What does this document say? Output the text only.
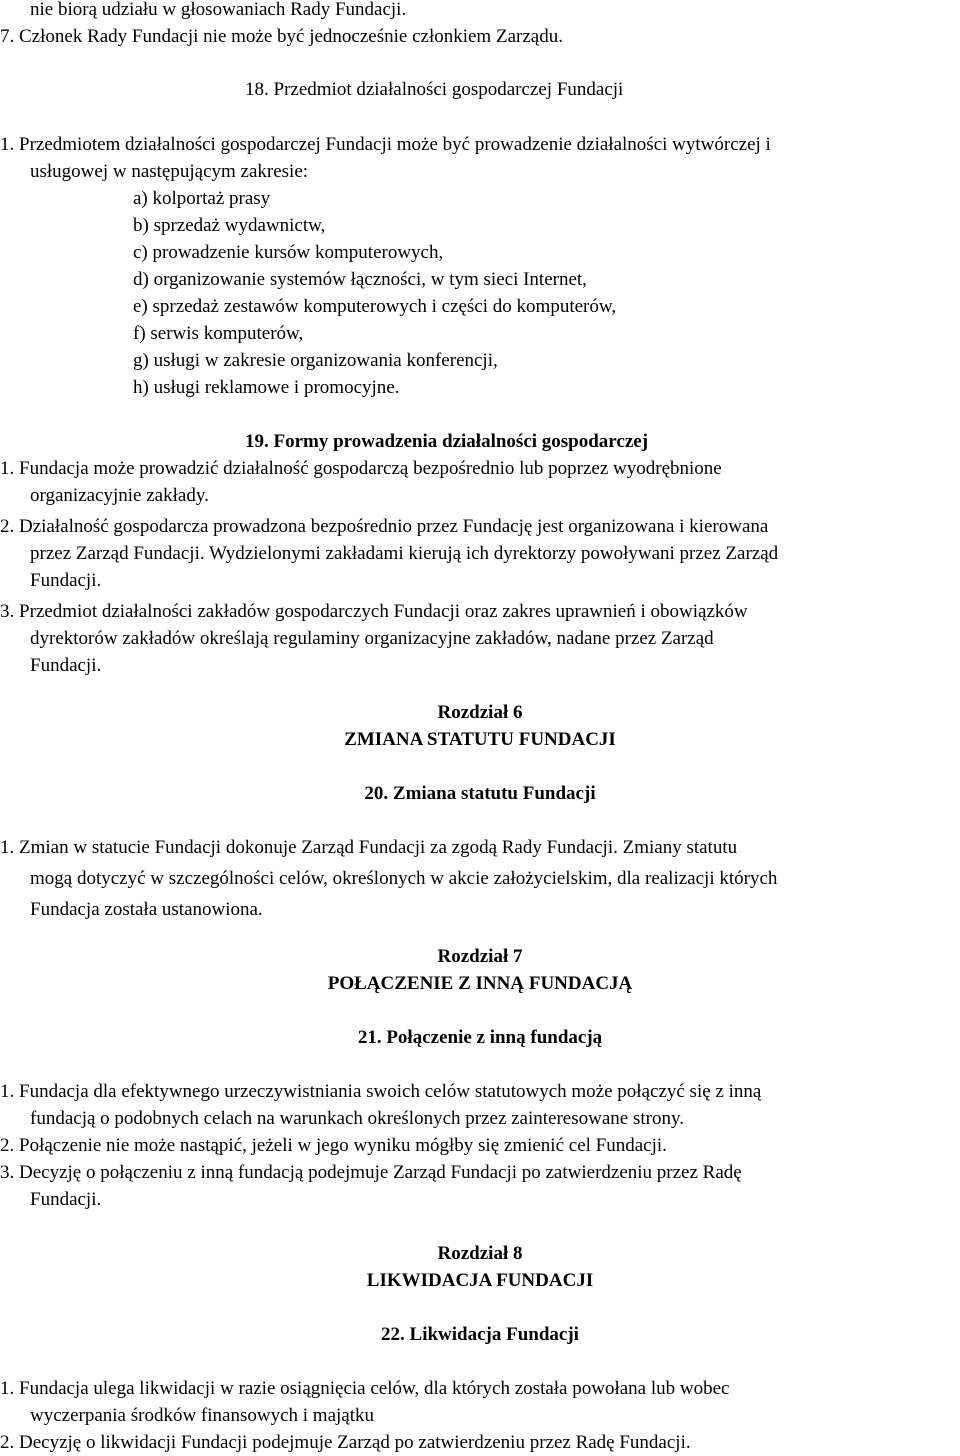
nie biorą udziału w głosowaniach Rady Fundacji.
7. Członek Rady Fundacji nie może być jednocześnie członkiem Zarządu.
18. Przedmiot działalności gospodarczej Fundacji
1. Przedmiotem działalności gospodarczej Fundacji może być prowadzenie działalności wytwórczej i
usługowej w następującym zakresie:
a) kolportaż prasy
b) sprzedaż wydawnictw,
c) prowadzenie kursów komputerowych,
d) organizowanie systemów łączności, w tym sieci Internet,
e) sprzedaż zestawów komputerowych i części do komputerów,
f) serwis komputerów,
g) usługi w zakresie organizowania konferencji,
h) usługi reklamowe i promocyjne.
19. Formy prowadzenia działalności gospodarczej
1. Fundacja może prowadzić działalność gospodarczą bezpośrednio lub poprzez wyodrębnione
organizacyjnie zakłady.
2. Działalność gospodarcza prowadzona bezpośrednio przez Fundację jest organizowana i kierowana
przez Zarząd Fundacji. Wydzielonymi zakładami kierują ich dyrektorzy powoływani przez Zarząd
Fundacji.
3. Przedmiot działalności zakładów gospodarczych Fundacji oraz zakres uprawnień i obowiązków
dyrektorów zakładów określają regulaminy organizacyjne zakładów, nadane przez Zarząd
Fundacji.
Rozdział 6
ZMIANA STATUTU FUNDACJI
20. Zmiana statutu Fundacji
1. Zmian w statucie Fundacji dokonuje Zarząd Fundacji za zgodą Rady Fundacji. Zmiany statutu
mogą dotyczyć w szczególności celów, określonych w akcie założycielskim, dla realizacji których
Fundacja została ustanowiona.
Rozdział 7
POŁĄCZENIE Z INNĄ FUNDACJĄ
21. Połączenie z inną fundacją
1. Fundacja dla efektywnego urzeczywistniania swoich celów statutowych może połączyć się z inną
fundacją o podobnych celach na warunkach określonych przez zainteresowane strony.
2. Połączenie nie może nastąpić, jeżeli w jego wyniku mógłby się zmienić cel Fundacji.
3. Decyzję o połączeniu z inną fundacją podejmuje Zarząd Fundacji po zatwierdzeniu przez Radę
Fundacji.
Rozdział 8
LIKWIDACJA FUNDACJI
22. Likwidacja Fundacji
1. Fundacja ulega likwidacji w razie osiągnięcia celów, dla których została powołana lub wobec
wyczerpania środków finansowych i majątku
2. Decyzję o likwidacji Fundacji podejmuje Zarząd po zatwierdzeniu przez Radę Fundacji.
